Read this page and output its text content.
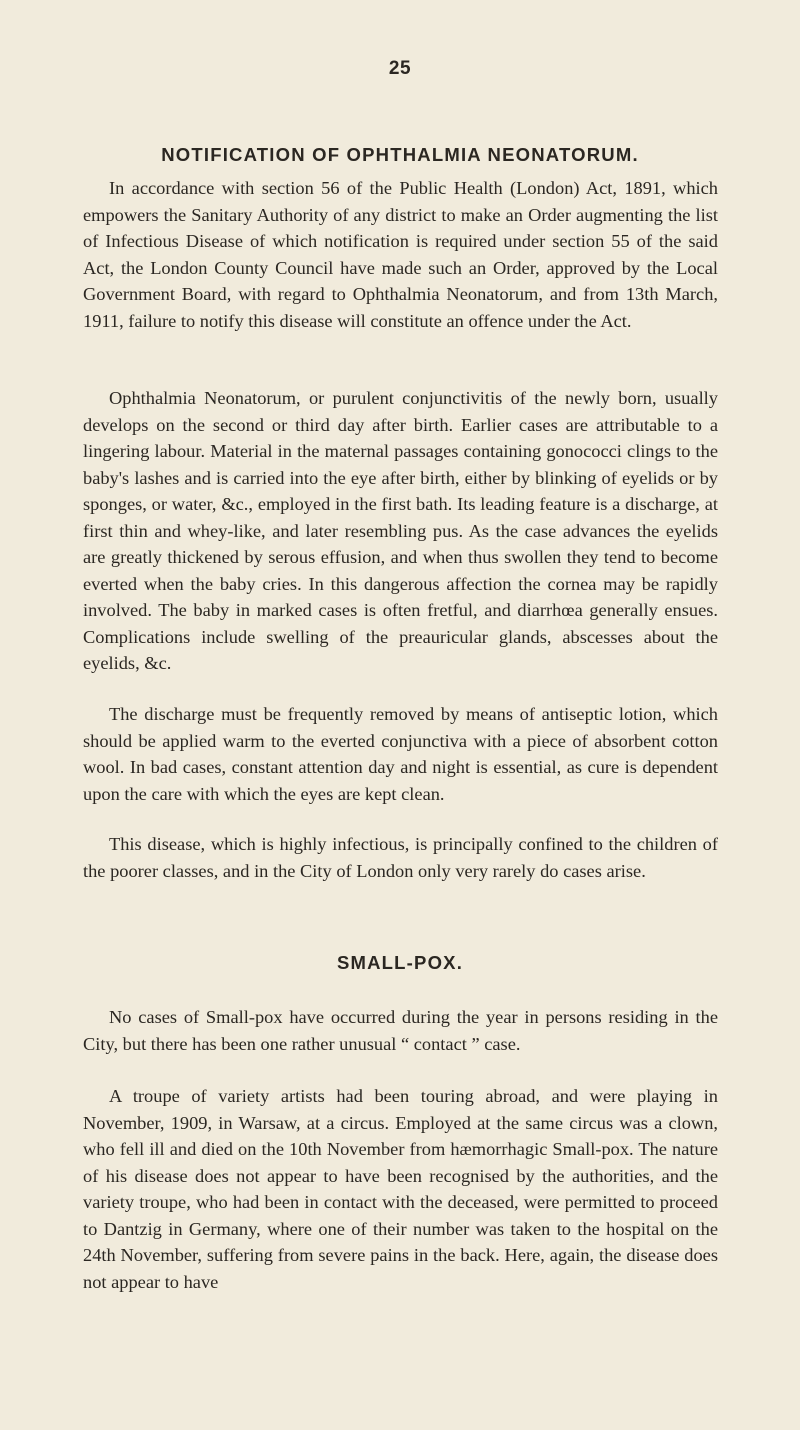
25
NOTIFICATION OF OPHTHALMIA NEONATORUM.

In accordance with section 56 of the Public Health (London) Act, 1891, which empowers the Sanitary Authority of any district to make an Order augmenting the list of Infectious Disease of which notification is required under section 55 of the said Act, the London County Council have made such an Order, approved by the Local Government Board, with regard to Ophthalmia Neonatorum, and from 13th March, 1911, failure to notify this disease will constitute an offence under the Act.

Ophthalmia Neonatorum, or purulent conjunctivitis of the newly born, usually develops on the second or third day after birth. Earlier cases are attributable to a lingering labour. Material in the maternal passages containing gonococci clings to the baby's lashes and is carried into the eye after birth, either by blinking of eyelids or by sponges, or water, &c., employed in the first bath. Its leading feature is a discharge, at first thin and whey-like, and later resembling pus. As the case advances the eyelids are greatly thickened by serous effusion, and when thus swollen they tend to become everted when the baby cries. In this dangerous affection the cornea may be rapidly involved. The baby in marked cases is often fretful, and diarrhœa generally ensues. Complications include swelling of the preauricular glands, abscesses about the eyelids, &c.

The discharge must be frequently removed by means of antiseptic lotion, which should be applied warm to the everted conjunctiva with a piece of absorbent cotton wool. In bad cases, constant attention day and night is essential, as cure is dependent upon the care with which the eyes are kept clean.

This disease, which is highly infectious, is principally confined to the children of the poorer classes, and in the City of London only very rarely do cases arise.

SMALL-POX.

No cases of Small-pox have occurred during the year in persons residing in the City, but there has been one rather unusual “ contact ” case.

A troupe of variety artists had been touring abroad, and were playing in November, 1909, in Warsaw, at a circus. Employed at the same circus was a clown, who fell ill and died on the 10th November from hæmorrhagic Small-pox. The nature of his disease does not appear to have been recognised by the authorities, and the variety troupe, who had been in contact with the deceased, were permitted to proceed to Dantzig in Germany, where one of their number was taken to the hospital on the 24th November, suffering from severe pains in the back. Here, again, the disease does not appear to have
